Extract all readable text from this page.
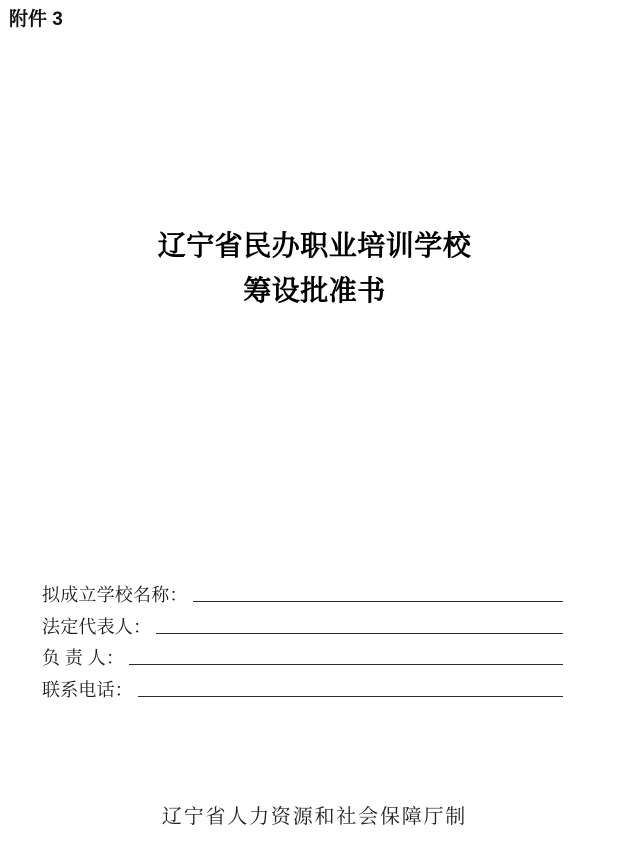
附件 3
辽宁省民办职业培训学校
筹设批准书
拟成立学校名称：
法定代表人：
负 责 人：
联系电话：
辽宁省人力资源和社会保障厅制
